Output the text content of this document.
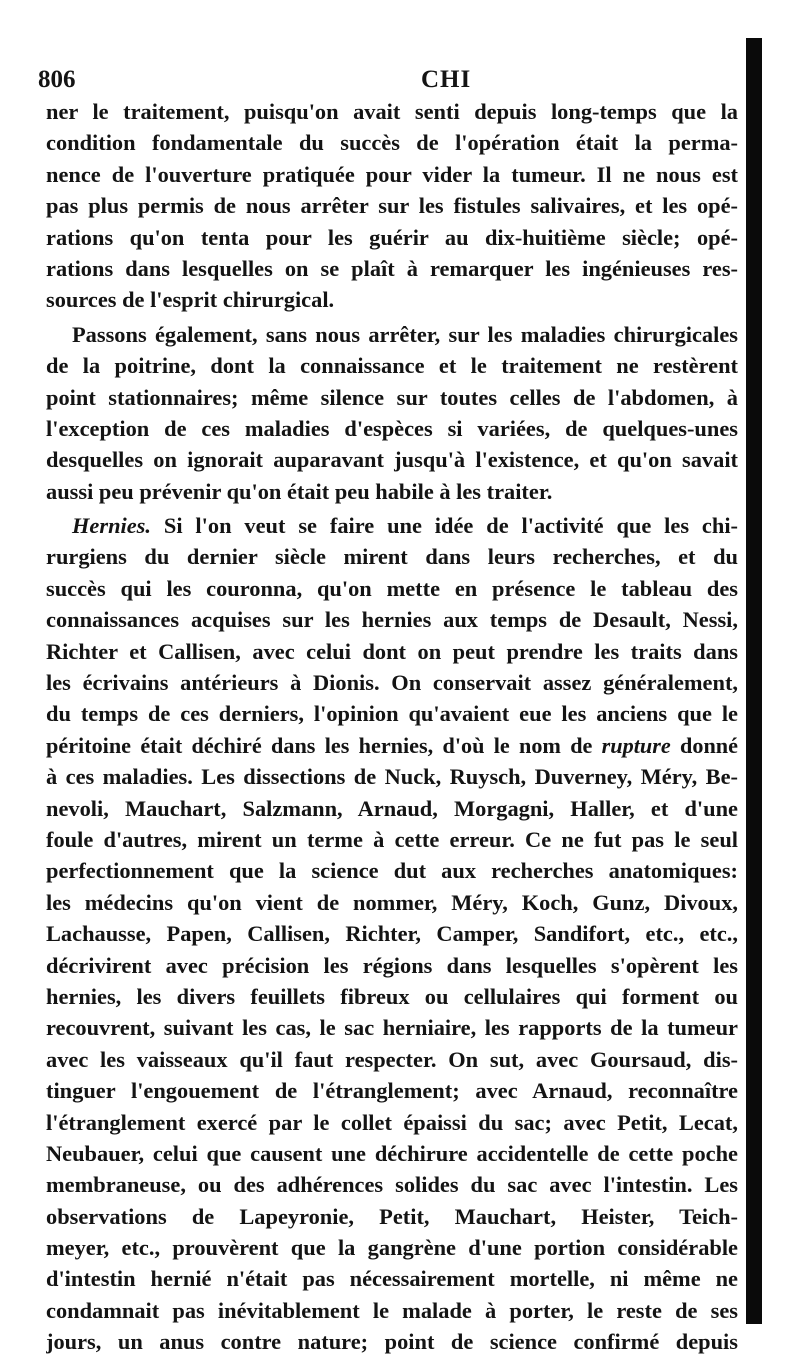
806	CHI
ner le traitement, puisqu'on avait senti depuis long-temps que la
condition fondamentale du succès de l'opération était la perma-
nence de l'ouverture pratiquée pour vider la tumeur. Il ne nous est
pas plus permis de nous arrêter sur les fistules salivaires, et les opé-
rations qu'on tenta pour les guérir au dix-huitième siècle; opé-
rations dans lesquelles on se plaît à remarquer les ingénieuses res-
sources de l'esprit chirurgical.
Passons également, sans nous arrêter, sur les maladies chirurgicales
de la poitrine, dont la connaissance et le traitement ne restèrent
point stationnaires; même silence sur toutes celles de l'abdomen, à
l'exception de ces maladies d'espèces si variées, de quelques-unes
desquelles on ignorait auparavant jusqu'à l'existence, et qu'on savait
aussi peu prévenir qu'on était peu habile à les traiter.
Hernies. Si l'on veut se faire une idée de l'activité que les chi-
rurgiens du dernier siècle mirent dans leurs recherches, et du
succès qui les couronna, qu'on mette en présence le tableau des
connaissances acquises sur les hernies aux temps de Desault, Nessi,
Richter et Callisen, avec celui dont on peut prendre les traits dans
les écrivains antérieurs à Dionis. On conservait assez généralement,
du temps de ces derniers, l'opinion qu'avaient eue les anciens que le
péritoine était déchiré dans les hernies, d'où le nom de rupture donné
à ces maladies. Les dissections de Nuck, Ruysch, Duverney, Méry, Be-
nevoli, Mauchart, Salzmann, Arnaud, Morgagni, Haller, et d'une
foule d'autres, mirent un terme à cette erreur. Ce ne fut pas le seul
perfectionnement que la science dut aux recherches anatomiques:
les médecins qu'on vient de nommer, Méry, Koch, Gunz, Divoux,
Lachausse, Papen, Callisen, Richter, Camper, Sandifort, etc., etc.,
décrivirent avec précision les régions dans lesquelles s'opèrent les
hernies, les divers feuillets fibreux ou cellulaires qui forment ou
recouvrent, suivant les cas, le sac herniaire, les rapports de la tumeur
avec les vaisseaux qu'il faut respecter. On sut, avec Goursaud, dis-
tinguer l'engouement de l'étranglement; avec Arnaud, reconnaître
l'étranglement exercé par le collet épaissi du sac; avec Petit, Lecat,
Neubauer, celui que causent une déchirure accidentelle de cette poche
membraneuse, ou des adhérences solides du sac avec l'intestin. Les
observations de Lapeyronie, Petit, Mauchart, Heister, Teich-
meyer, etc., prouvèrent que la gangrène d'une portion considérable
d'intestin hernié n'était pas nécessairement mortelle, ni même ne
condamnait pas inévitablement le malade à porter, le reste de ses
jours, un anus contre nature; point de science confirmé depuis
